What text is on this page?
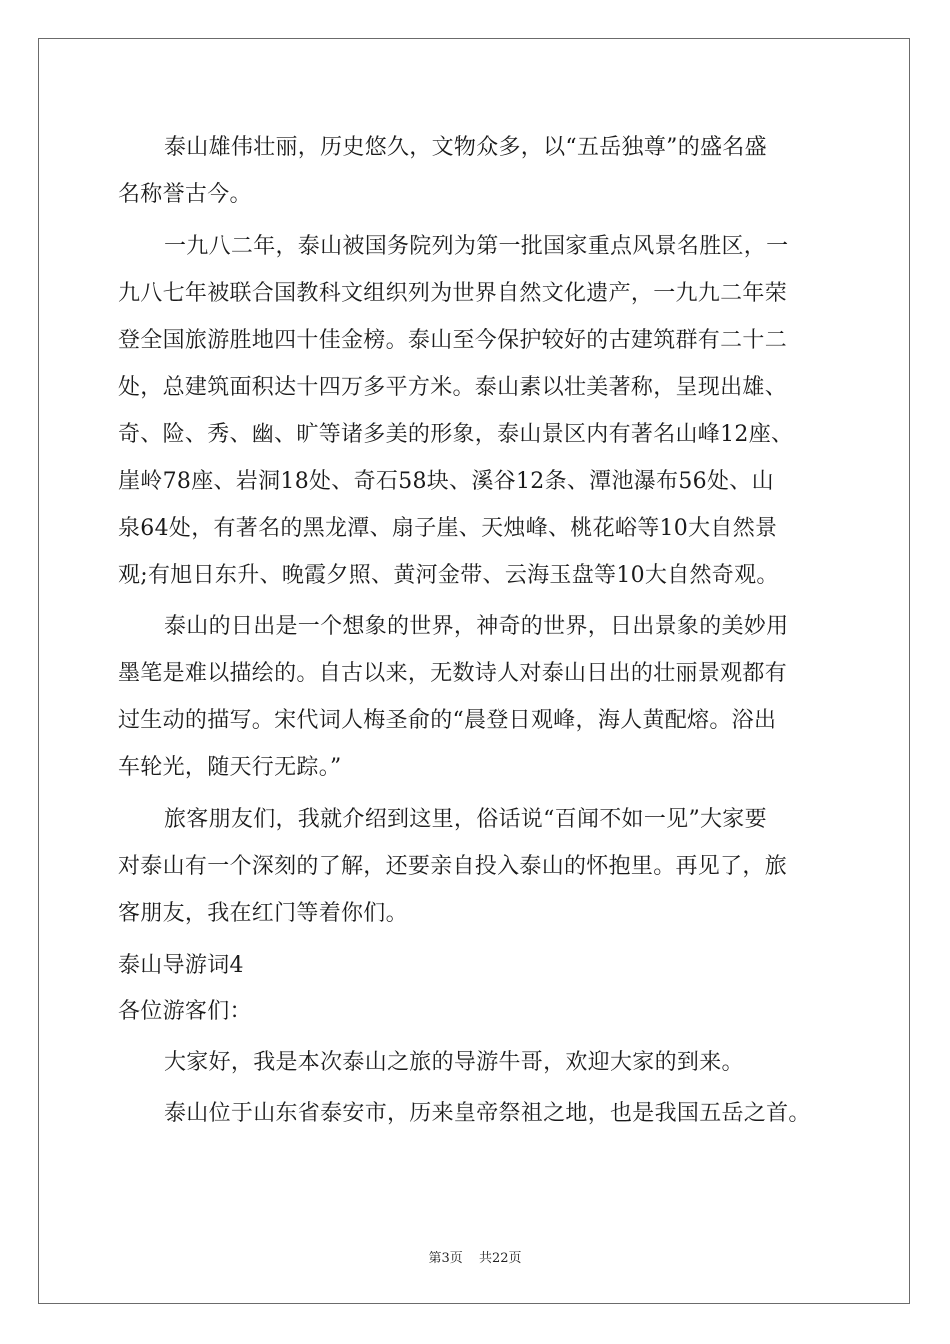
泰山雄伟壮丽，历史悠久，文物众多，以“五岳独尊”的盛名盛
名称誉古今。
一九八二年，泰山被国务院列为第一批国家重点风景名胜区，一
九八七年被联合国教科文组织列为世界自然文化遗产，一九九二年荣
登全国旅游胜地四十佳金榜。泰山至今保护较好的古建筑群有二十二
处，总建筑面积达十四万多平方米。泰山素以壮美著称，呈现出雄、
奇、险、秀、幽、旷等诸多美的形象，泰山景区内有著名山峰12座、
崖岭78座、岩洞18处、奇石58块、溪谷12条、潭池瀑布56处、山
泉64处，有著名的黑龙潭、扇子崖、天烛峰、桃花峪等10大自然景
观;有旭日东升、晚霞夕照、黄河金带、云海玉盘等10大自然奇观。
泰山的日出是一个想象的世界，神奇的世界，日出景象的美妙用
墨笔是难以描绘的。自古以来，无数诗人对泰山日出的壮丽景观都有
过生动的描写。宋代词人梅圣俞的“晨登日观峰，海人黄配熔。浴出
车轮光，随天行无踪。”
旅客朋友们，我就介绍到这里，俗话说“百闻不如一见”大家要
对泰山有一个深刻的了解，还要亲自投入泰山的怀抱里。再见了，旅
客朋友，我在红门等着你们。
泰山导游词4
各位游客们：
大家好，我是本次泰山之旅的导游牛哥，欢迎大家的到来。
泰山位于山东省泰安市，历来皇帝祭祖之地，也是我国五岳之首。
第3页 共22页
